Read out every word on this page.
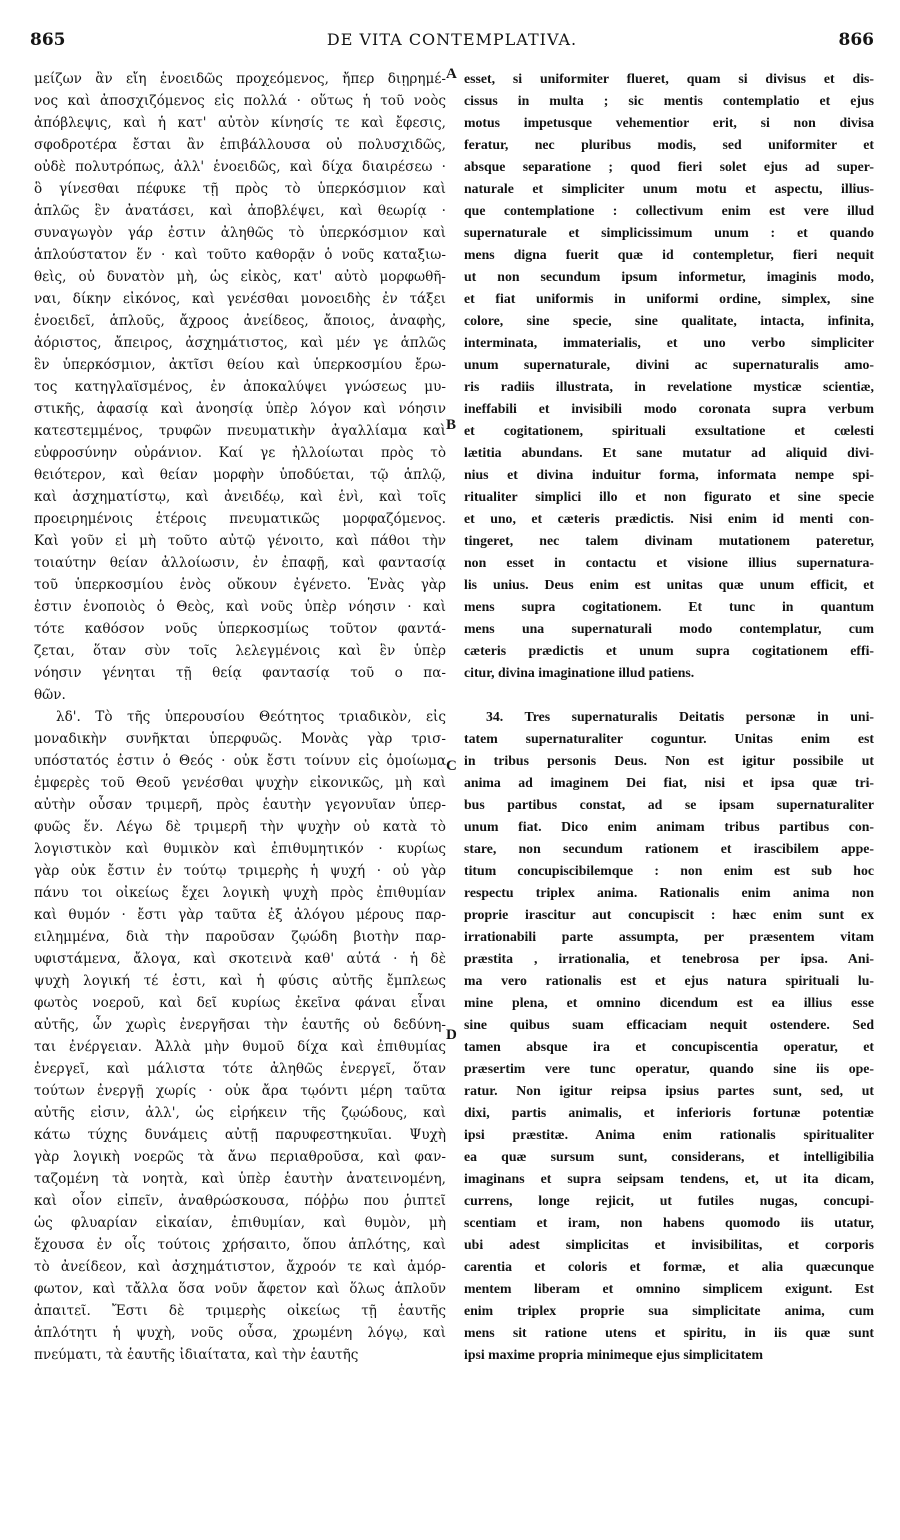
865	DE VITA CONTEMPLATIVA.	866
μείζων ἂν εἴη ἑνοειδῶς προχεόμενος, ἤπερ διῃρημέ-
νος καὶ ἀποσχιζόμενος εἰς πολλά · οὕτως ἡ τοῦ νοὸς
ἀπόβλεψις, καὶ ἡ κατ' αὐτὸν κίνησίς τε καὶ ἔφεσις,
σφοδροτέρα ἔσται ἂν ἐπιβάλλουσα οὐ πολυσχιδῶς,
οὐδὲ πολυτρόπως, ἀλλ' ἑνοειδῶς, καὶ δίχα διαιρέσεω ·
ὃ γίνεσθαι πέφυκε τῇ πρὸς τὸ ὑπερκόσμιον καὶ
ἁπλῶς ἓν ἀνατάσει, καὶ ἀποβλέψει, καὶ θεωρίᾳ ·
συναγωγὸν γάρ ἐστιν ἀληθῶς τὸ ὑπερκόσμιον καὶ
ἁπλούστατον ἕν · καὶ τοῦτο καθορᾷν ὁ νοῦς καταξιω-
θεὶς, οὐ δυνατὸν μὴ, ὡς εἰκὸς, κατ' αὐτὸ μορφωθῆ-
ναι, δίκην εἰκόνος, καὶ γενέσθαι μονοειδὴς ἐν τάξει
ἑνοειδεῖ, ἁπλοῦς, ἄχροος ἀνείδεος, ἄποιος, ἀναφὴς,
ἀόριστος, ἄπειρος, ἀσχημάτιστος, καὶ μέν γε ἁπλῶς
ἓν ὑπερκόσμιον, ἀκτῖσι θείου καὶ ὑπερκοσμίου ἔρω-
τος κατηγλαϊσμένος, ἐν ἀποκαλύψει γνώσεως μυ-
στικῆς, ἀφασίᾳ καὶ ἀνοησίᾳ ὑπὲρ λόγον καὶ νόησιν
κατεστεμμένος, τρυφῶν πνευματικὴν ἀγαλλίαμα καὶ
εὐφροσύνην οὐράνιον. Καί γε ἠλλοίωται πρὸς τὸ
θειότερον, καὶ θείαν μορφὴν ὑποδύεται, τῷ ἁπλῷ,
καὶ ἀσχηματίστῳ, καὶ ἀνειδέῳ, καὶ ἑνὶ, καὶ τοῖς
προειρημένοις ἑτέροις πνευματικῶς μορφαζόμενος.
Καὶ γοῦν εἰ μὴ τοῦτο αὐτῷ γένοιτο, καὶ πάθοι τὴν
τοιαύτην θείαν ἀλλοίωσιν, ἐν ἐπαφῇ, καὶ φαντασίᾳ
τοῦ ὑπερκοσμίου ἑνὸς οὔκουν ἐγένετο. Ἑνὰς γὰρ
ἐστιν ἑνοποιὸς ὁ Θεὸς, καὶ νοῦς ὑπὲρ νόησιν · καὶ
τότε καθόσον νοῦς ὑπερκοσμίως τοῦτον φαντά-
ζεται, ὅταν σὺν τοῖς λελεγμένοις καὶ ἓν ὑπὲρ
νόησιν γένηται τῇ θείᾳ φαντασίᾳ τοῦ ο πα-
θῶν.
λδ'. Τὸ τῆς ὑπερουσίου Θεότητος τριαδικὸν, εἰς
μοναδικὴν συνῆκται ὑπερφυῶς. Μονὰς γὰρ τρισ-
υπόστατός ἐστιν ὁ Θεός · οὐκ ἔστι τοίνυν εἰς ὁμοίωμα
ἐμφερὲς τοῦ Θεοῦ γενέσθαι ψυχὴν εἰκονικῶς, μὴ καὶ
αὐτὴν οὖσαν τριμερῆ, πρὸς ἑαυτὴν γεγονυῖαν ὑπερ-
φυῶς ἕν. Λέγω δὲ τριμερῆ τὴν ψυχὴν οὐ κατὰ τὸ
λογιστικὸν καὶ θυμικὸν καὶ ἐπιθυμητικόν · κυρίως
γὰρ οὐκ ἔστιν ἐν τούτῳ τριμερὴς ἡ ψυχή · οὐ γὰρ
πάνυ τοι οἰκείως ἔχει λογικὴ ψυχὴ πρὸς ἐπιθυμίαν
καὶ θυμόν · ἔστι γὰρ ταῦτα ἐξ ἀλόγου μέρους παρ-
ειλημμένα, διὰ τὴν παροῦσαν ζῳώδη βιοτὴν παρ-
υφιστάμενα, ἄλογα, καὶ σκοτεινὰ καθ' αὑτά · ἡ δὲ
ψυχὴ λογική τέ ἐστι, καὶ ἡ φύσις αὐτῆς ἔμπλεως
φωτὸς νοεροῦ, καὶ δεῖ κυρίως ἐκεῖνα φάναι εἶναι
αὐτῆς, ὧν χωρὶς ἐνεργῆσαι τὴν ἑαυτῆς οὐ δεδύνη-
ται ἐνέργειαν. Ἀλλὰ μὴν θυμοῦ δίχα καὶ ἐπιθυμίας
ἐνεργεῖ, καὶ μάλιστα τότε ἀληθῶς ἐνεργεῖ, ὅταν
τούτων ἐνεργῇ χωρίς · οὐκ ἄρα τῳόντι μέρη ταῦτα
αὐτῆς εἰσιν, ἀλλ', ὡς εἰρήκειν τῆς ζῳώδους, καὶ
κάτω τύχης δυνάμεις αὐτῇ παρυφεστηκυῖαι. Ψυχὴ
γὰρ λογικὴ νοερῶς τὰ ἄνω περιαθροῦσα, καὶ φαν-
ταζομένη τὰ νοητὰ, καὶ ὑπὲρ ἑαυτὴν ἀνατεινομένη,
καὶ οἷον εἰπεῖν, ἀναθρώσκουσα, πόῤῥω που ῥιπτεῖ
ὡς φλυαρίαν εἰκαίαν, ἐπιθυμίαν, καὶ θυμὸν, μὴ
ἔχουσα ἐν οἷς τούτοις χρήσαιτο, ὅπου ἁπλότης, καὶ
τὸ ἀνείδεον, καὶ ἀσχημάτιστον, ἄχροόν τε καὶ ἀμόρ-
φωτον, καὶ τἄλλα ὅσα νοῦν ἄφετον καὶ ὅλως ἁπλοῦν
ἀπαιτεῖ. Ἔστι δὲ τριμερὴς οἰκείως τῇ ἑαυτῆς
ἁπλότητι ἡ ψυχὴ, νοῦς οὖσα, χρωμένη λόγῳ, καὶ
πνεύματι, τὰ ἑαυτῆς ἰδιαίτατα, καὶ τὴν ἑαυτῆς
esset, si uniformiter flueret, quam si divisus et dis-
cissus in multa ; sic mentis contemplatio et ejus
motus impetusque vehementior erit, si non divisa
feratur, nec pluribus modis, sed uniformiter et
absque separatione ; quod fieri solet ejus ad super-
naturale et simpliciter unum motu et aspectu, illius-
que contemplatione : collectivum enim est vere illud
supernaturale et simplicissimum unum : et quando
mens digna fuerit quæ id contempletur, fieri nequit
ut non secundum ipsum informetur, imaginis modo,
et fiat uniformis in uniformi ordine, simplex, sine
colore, sine specie, sine qualitate, intacta, infinita,
interminata, immaterialis, et uno verbo simpliciter
unum supernaturale, divini ac supernaturalis amo-
ris radiis illustrata, in revelatione mysticæ scientiæ,
ineffabili et invisibili modo coronata supra verbum
et cogitationem, spirituali exsultatione et cœlesti
lætitia abundans. Et sane mutatur ad aliquid divi-
nius et divina induitur forma, informata nempe spi-
ritualiter simplici illo et non figurato et sine specie
et uno, et cæteris prædictis. Nisi enim id menti con-
tingeret, nec talem divinam mutationem pateretur,
non esset in contactu et visione illius supernatura-
lis unius. Deus enim est unitas quæ unum efficit, et
mens supra cogitationem. Et tunc in quantum
mens una supernaturali modo contemplatur, cum
cæteris prædictis et unum supra cogitationem effi-
citur, divina imaginatione illud patiens.
34. Tres supernaturalis Deitatis personæ in uni-
tatem supernaturaliter coguntur. Unitas enim est
in tribus personis Deus. Non est igitur possibile ut
anima ad imaginem Dei fiat, nisi et ipsa quæ tri-
bus partibus constat, ad se ipsam supernaturaliter
unum fiat. Dico enim animam tribus partibus con-
stare, non secundum rationem et irascibilem appe-
titum concupiscibilemque : non enim est sub hoc
respectu triplex anima. Rationalis enim anima non
proprie irascitur aut concupiscit : hæc enim sunt ex
irrationabili parte assumpta, per præsentem vitam
præstita , irrationalia, et tenebrosa per ipsa. Ani-
ma vero rationalis est et ejus natura spirituali lu-
mine plena, et omnino dicendum est ea illius esse
sine quibus suam efficaciam nequit ostendere. Sed
tamen absque ira et concupiscentia operatur, et
præsertim vere tunc operatur, quando sine iis ope-
ratur. Non igitur reipsa ipsius partes sunt, sed, ut
dixi, partis animalis, et inferioris fortunæ potentiæ
ipsi præstitæ. Anima enim rationalis spiritualiter
ea quæ sursum sunt, considerans, et intelligibilia
imaginans et supra seipsam tendens, et, ut ita dicam,
currens, longe rejicit, ut futiles nugas, concupi-
scentiam et iram, non habens quomodo iis utatur,
ubi adest simplicitas et invisibilitas, et corporis
carentia et coloris et formæ, et alia quæcunque
mentem liberam et omnino simplicem exigunt. Est
enim triplex proprie sua simplicitate anima, cum
mens sit ratione utens et spiritu, in iis quæ sunt
ipsi maxime propria minimeque ejus simplicitatem
A
B
C
D
